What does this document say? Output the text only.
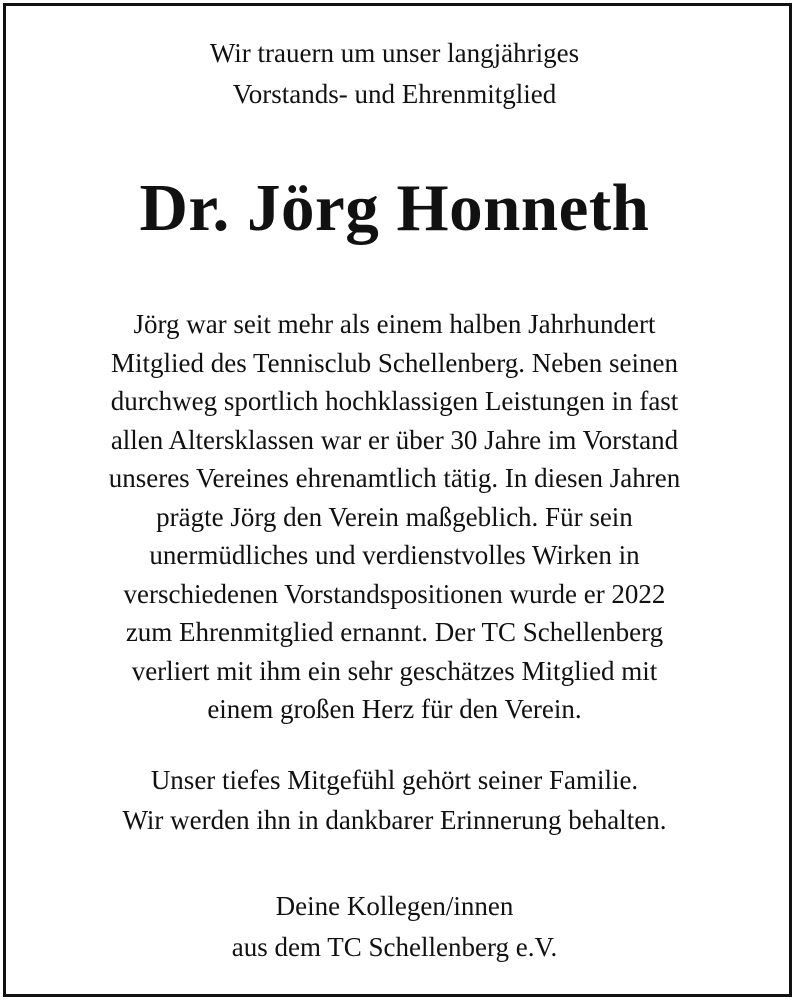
Wir trauern um unser langjähriges
Vorstands- und Ehrenmitglied
Dr. Jörg Honneth
Jörg war seit mehr als einem halben Jahrhundert
Mitglied des Tennisclub Schellenberg. Neben seinen
durchweg sportlich hochklassigen Leistungen in fast
allen Altersklassen war er über 30 Jahre im Vorstand
unseres Vereines ehrenamtlich tätig. In diesen Jahren
prägte Jörg den Verein maßgeblich. Für sein
unermüdliches und verdienstvolles Wirken in
verschiedenen Vorstandspositionen wurde er 2022
zum Ehrenmitglied ernannt. Der TC Schellenberg
verliert mit ihm ein sehr geschätzes Mitglied mit
einem großen Herz für den Verein.
Unser tiefes Mitgefühl gehört seiner Familie.
Wir werden ihn in dankbarer Erinnerung behalten.
Deine Kollegen/innen
aus dem TC Schellenberg e.V.
